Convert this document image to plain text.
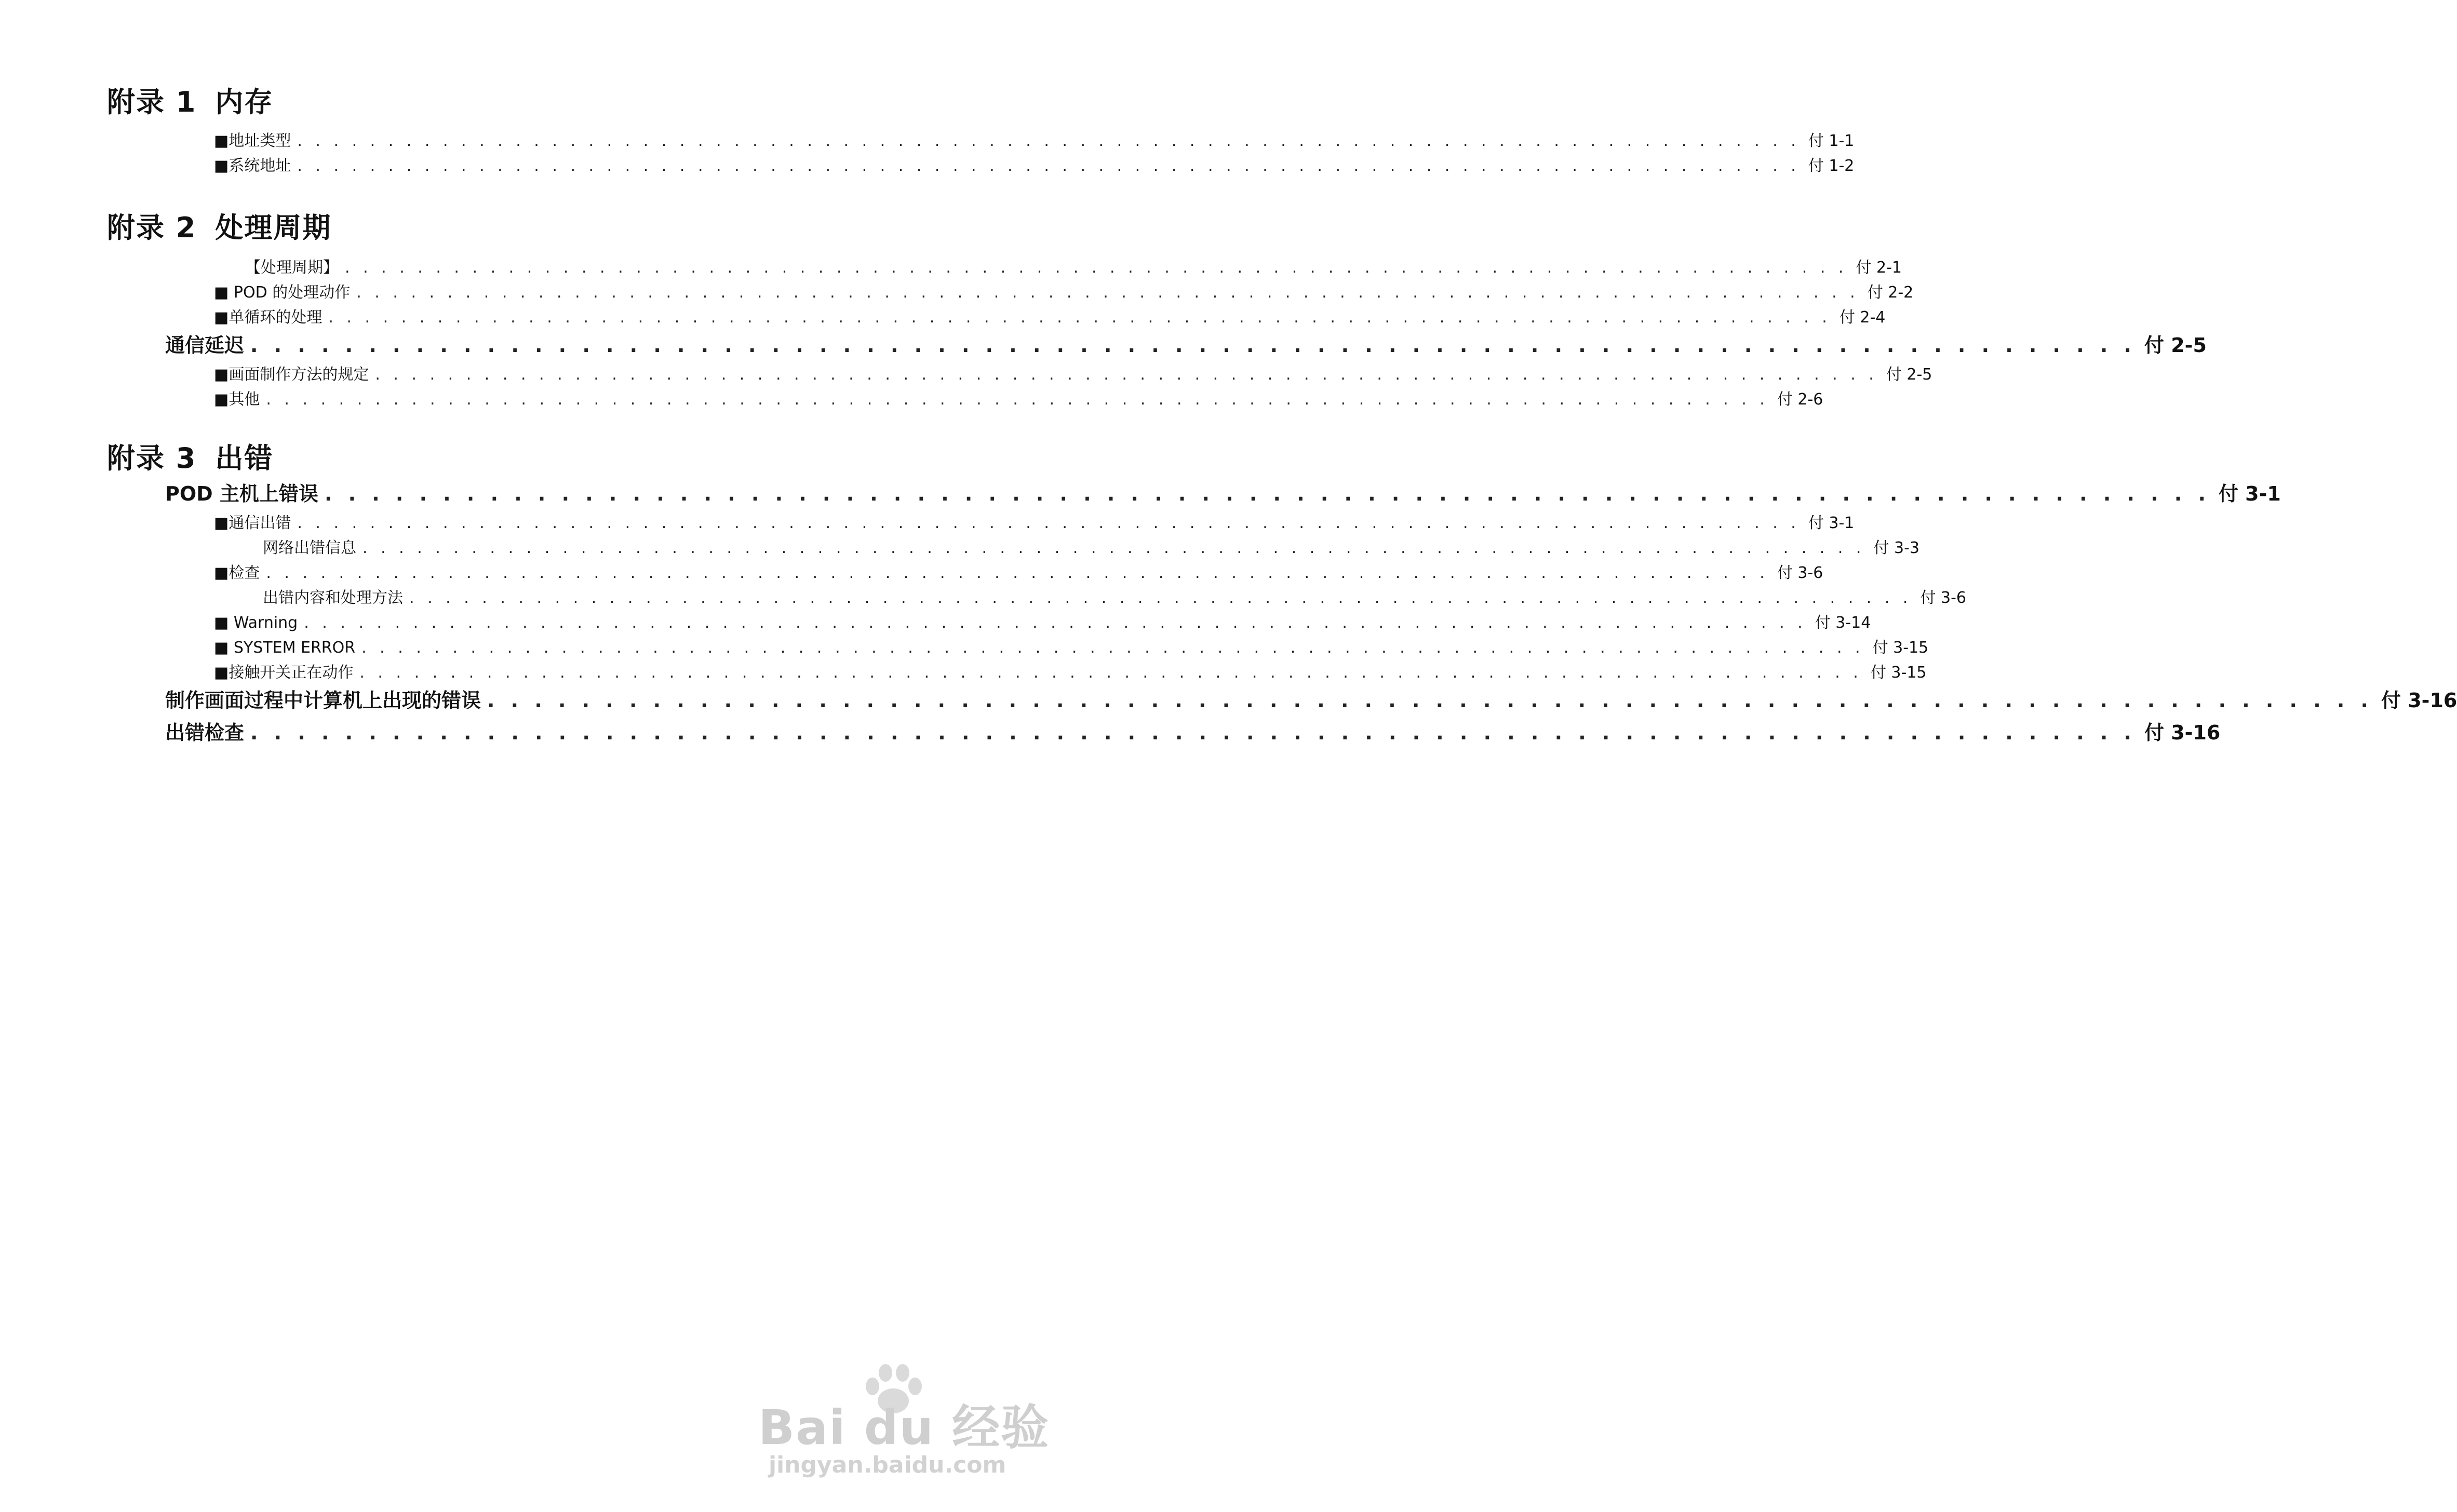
附录 1 内存
■地址类型 . . . . . . . . . . . . . . . . . . . . . . . . . . . . . . . . . . . . . . . . . . . . . . . . . . . . . . . . . . . . . . . . . . . . . . . . . . . . . . . . . . . 付 1-1
■系统地址 . . . . . . . . . . . . . . . . . . . . . . . . . . . . . . . . . . . . . . . . . . . . . . . . . . . . . . . . . . . . . . . . . . . . . . . . . . . . . . . . . . . 付 1-2
附录 2 处理周期
【处理周期】 . . . . . . . . . . . . . . . . . . . . . . . . . . . . . . . . . . . . . . . . . . . . . . . . . . . . . . . . . . . . . . . . . . . . . . . . . . . . . . . . . . . 付 2-1
■ POD 的处理动作 . . . . . . . . . . . . . . . . . . . . . . . . . . . . . . . . . . . . . . . . . . . . . . . . . . . . . . . . . . . . . . . . . . . . . . . . . . . . . . . . . . . 付 2-2
■单循环的处理 . . . . . . . . . . . . . . . . . . . . . . . . . . . . . . . . . . . . . . . . . . . . . . . . . . . . . . . . . . . . . . . . . . . . . . . . . . . . . . . . . . . 付 2-4
通信延迟 . . . . . . . . . . . . . . . . . . . . . . . . . . . . . . . . . . . . . . . . . . . . . . . . . . . . . . . . . . . . . . . . . . . . . . . . . . . . . . . . 付 2-5
■画面制作方法的规定 . . . . . . . . . . . . . . . . . . . . . . . . . . . . . . . . . . . . . . . . . . . . . . . . . . . . . . . . . . . . . . . . . . . . . . . . . . . . . . . . . . . 付 2-5
■其他 . . . . . . . . . . . . . . . . . . . . . . . . . . . . . . . . . . . . . . . . . . . . . . . . . . . . . . . . . . . . . . . . . . . . . . . . . . . . . . . . . . . 付 2-6
附录 3 出错
POD 主机上错误 . . . . . . . . . . . . . . . . . . . . . . . . . . . . . . . . . . . . . . . . . . . . . . . . . . . . . . . . . . . . . . . . . . . . . . . . . . . . . . . . 付 3-1
■通信出错 . . . . . . . . . . . . . . . . . . . . . . . . . . . . . . . . . . . . . . . . . . . . . . . . . . . . . . . . . . . . . . . . . . . . . . . . . . . . . . . . . . . 付 3-1
网络出错信息 . . . . . . . . . . . . . . . . . . . . . . . . . . . . . . . . . . . . . . . . . . . . . . . . . . . . . . . . . . . . . . . . . . . . . . . . . . . . . . . . . . . 付 3-3
■检查 . . . . . . . . . . . . . . . . . . . . . . . . . . . . . . . . . . . . . . . . . . . . . . . . . . . . . . . . . . . . . . . . . . . . . . . . . . . . . . . . . . . 付 3-6
出错内容和处理方法 . . . . . . . . . . . . . . . . . . . . . . . . . . . . . . . . . . . . . . . . . . . . . . . . . . . . . . . . . . . . . . . . . . . . . . . . . . . . . . . . . . . 付 3-6
■ Warning . . . . . . . . . . . . . . . . . . . . . . . . . . . . . . . . . . . . . . . . . . . . . . . . . . . . . . . . . . . . . . . . . . . . . . . . . . . . . . . . . . . 付 3-14
■ SYSTEM ERROR . . . . . . . . . . . . . . . . . . . . . . . . . . . . . . . . . . . . . . . . . . . . . . . . . . . . . . . . . . . . . . . . . . . . . . . . . . . . . . . . . . . 付 3-15
■接触开关正在动作 . . . . . . . . . . . . . . . . . . . . . . . . . . . . . . . . . . . . . . . . . . . . . . . . . . . . . . . . . . . . . . . . . . . . . . . . . . . . . . . . . . . 付 3-15
制作画面过程中计算机上出现的错误 . . . . . . . . . . . . . . . . . . . . . . . . . . . . . . . . . . . . . . . . . . . . . . . . . . . . . . . . . . . . . . . . . . . . . . . . . . . . . . . . 付 3-16
出错检查 . . . . . . . . . . . . . . . . . . . . . . . . . . . . . . . . . . . . . . . . . . . . . . . . . . . . . . . . . . . . . . . . . . . . . . . . . . . . . . . . 付 3-16
Bai du 经验
jingyan.baidu.com
